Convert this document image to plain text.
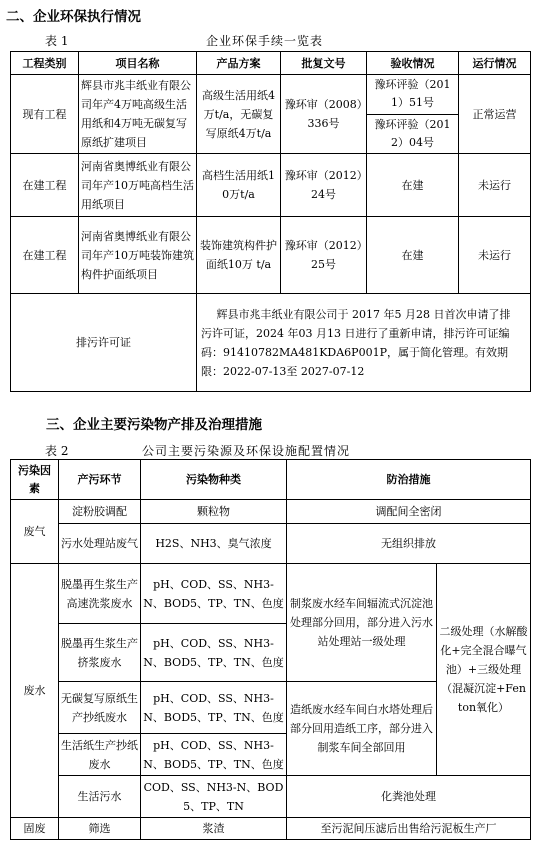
二、企业环保执行情况
表 1	企业环保手续一览表
工程类别	项目名称	产品方案	批复文号	验收情况	运行情况
现有工程	辉县市兆丰纸业有限公司年产4万吨高级生活用纸和4万吨无碳复写原纸扩建项目	高级生活用纸4万t/a，无碳复写原纸4万t/a	豫环审（2008）336号	豫环评验（2011）51号	正常运营
				豫环评验（2012）04号	
在建工程	河南省奥博纸业有限公司年产10万吨高档生活用纸项目	高档生活用纸10万t/a	豫环审（2012）24号	在建	未运行
在建工程	河南省奥博纸业有限公司年产10万吨装饰建筑构件护面纸项目	装饰建筑构件护面纸10万 t/a	豫环审（2012）25号	在建	未运行
排污许可证		辉县市兆丰纸业有限公司于 2017 年5 月28 日首次申请了排
污许可证，2024 年03 月13 日进行了重新申请，排污许可证编码：91410782MA481KDA6P001P，属于简化管理。有效期限：2022-07-13至 2027-07-12			
三、企业主要污染物产排及治理措施
表 2	公司主要污染源及环保设施配置情况
污染因素	产污环节	污染物种类	防治措施	
废气	淀粉胶调配	颗粒物	调配间全密闭	
	污水处理站废气	H2S、NH3、臭气浓度	无组织排放	
废水	脱墨再生浆生产高速洗浆废水	pH、COD、SS、NH3-N、BOD5、TP、TN、色度	制浆废水经车间辐流式沉淀池处理部分回用，部分进入污水站处理站一级处理	二级处理（水解酸化+完全混合曝气池）+三级处理（混凝沉淀+Fenton氧化）
	脱墨再生浆生产挤浆废水	pH、COD、SS、NH3-N、BOD5、TP、TN、色度		
	无碳复写原纸生产抄纸废水	pH、COD、SS、NH3-N、BOD5、TP、TN、色度	造纸废水经车间白水塔处理后部分回用造纸工序，部分进入制浆车间全部回用	
	生活纸生产抄纸废水	pH、COD、SS、NH3-N、BOD5、TP、TN、色度		
	生活污水	COD、SS、NH3-N、BOD5、TP、TN	化粪池处理	
固废	筛选	浆渣	至污泥间压滤后出售给污泥板生产厂	
